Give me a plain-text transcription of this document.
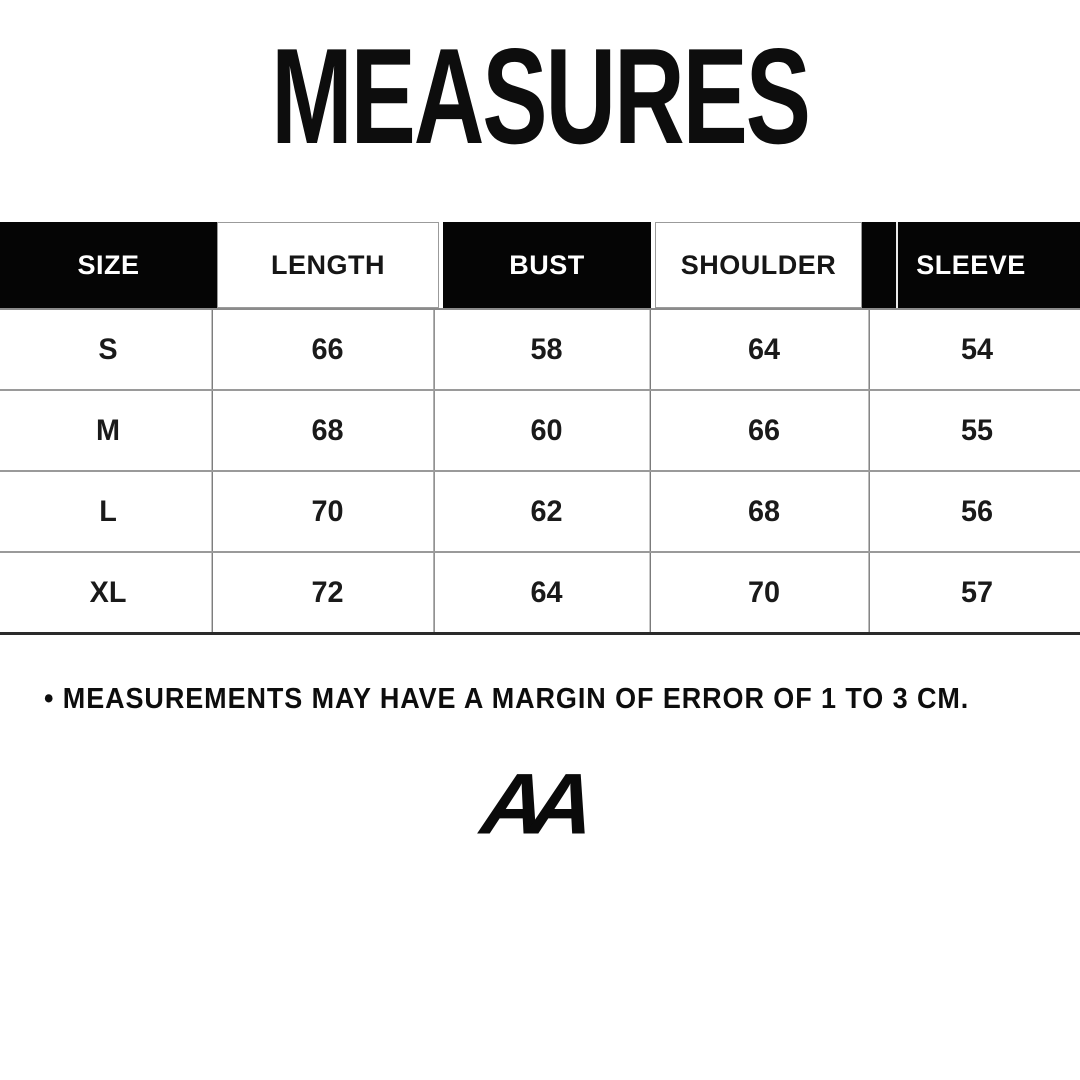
MEASURES
SIZE	LENGTH	BUST	SHOULDER	SLEEVE
S	66	58	64	54
M	68	60	66	55
L	70	62	68	56
XL	72	64	70	57
• MEASUREMENTS MAY HAVE A MARGIN OF ERROR OF 1 TO 3 CM.
AA
